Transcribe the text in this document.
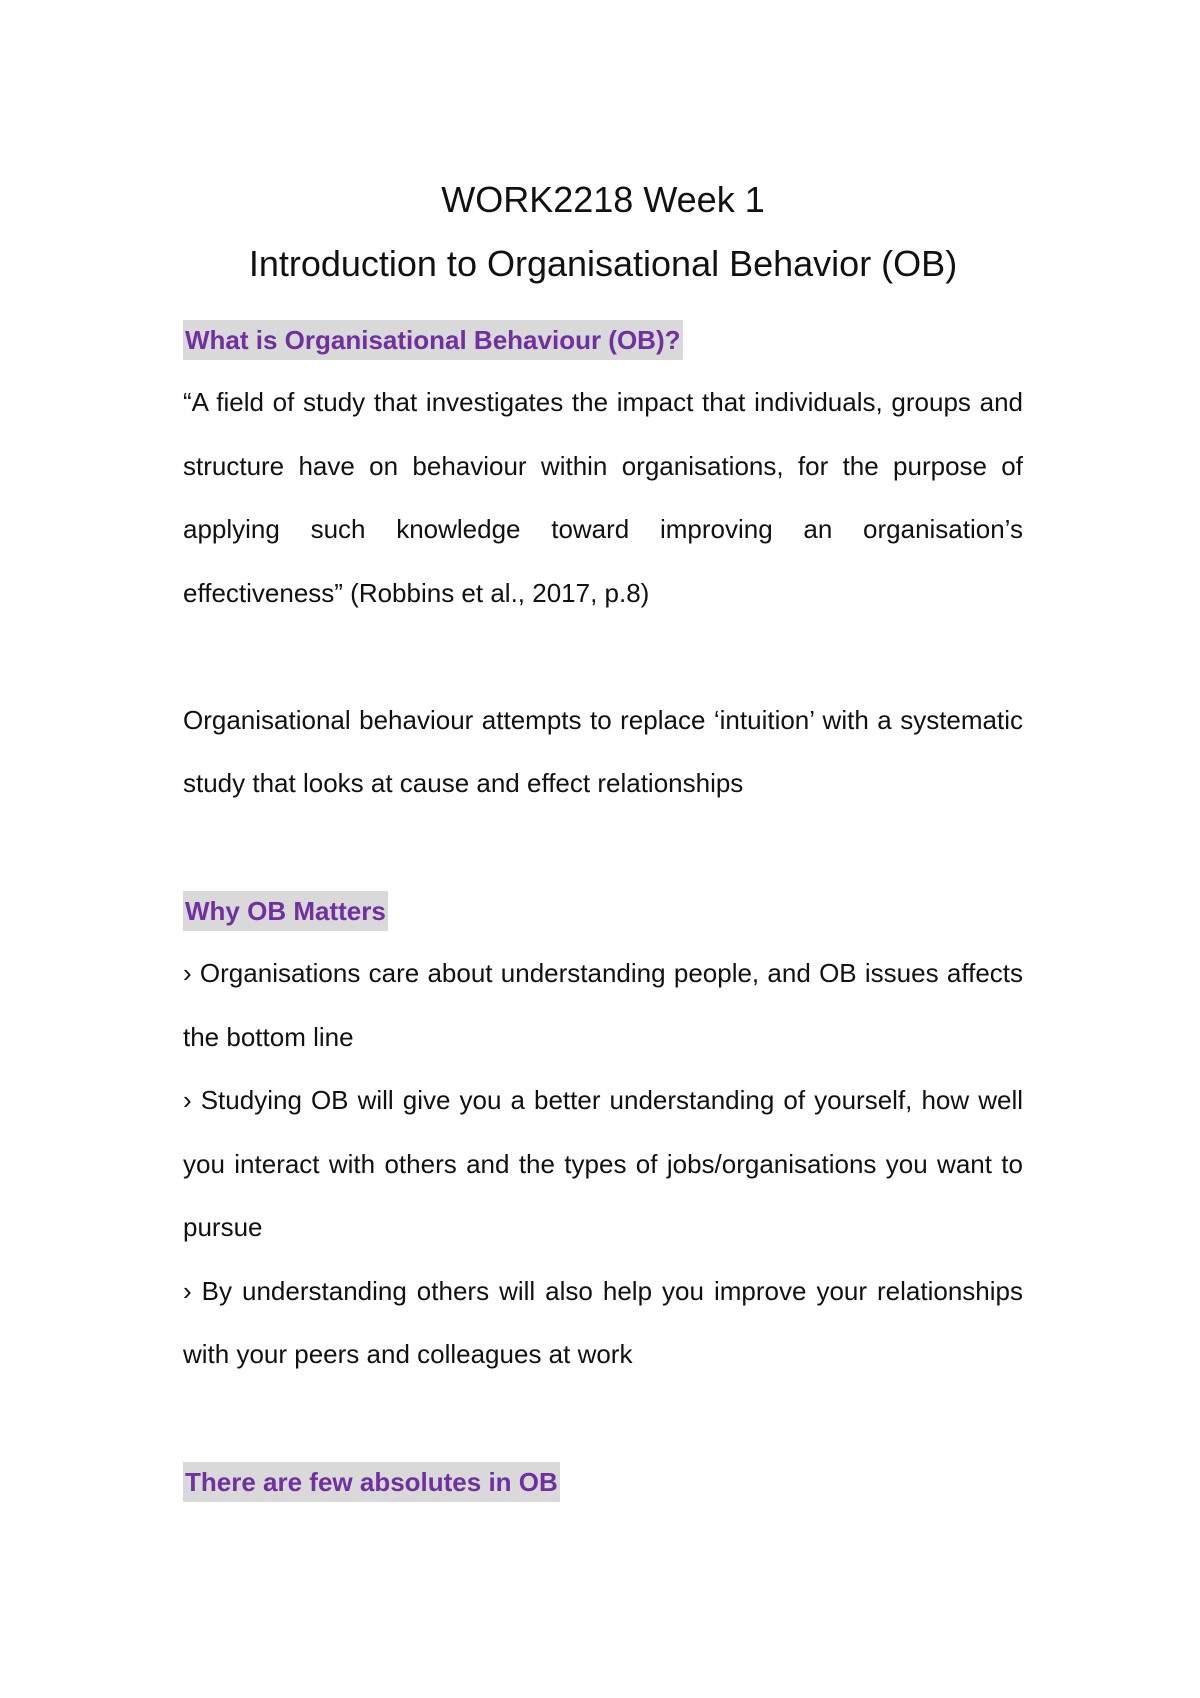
WORK2218 Week 1
Introduction to Organisational Behavior (OB)
What is Organisational Behaviour (OB)?

“A field of study that investigates the impact that individuals, groups and structure have on behaviour within organisations, for the purpose of applying such knowledge toward improving an organisation’s effectiveness” (Robbins et al., 2017, p.8)

Organisational behaviour attempts to replace ‘intuition’ with a systematic study that looks at cause and effect relationships

Why OB Matters

› Organisations care about understanding people, and OB issues affects the bottom line

› Studying OB will give you a better understanding of yourself, how well you interact with others and the types of jobs/organisations you want to pursue

› By understanding others will also help you improve your relationships with your peers and colleagues at work

There are few absolutes in OB
